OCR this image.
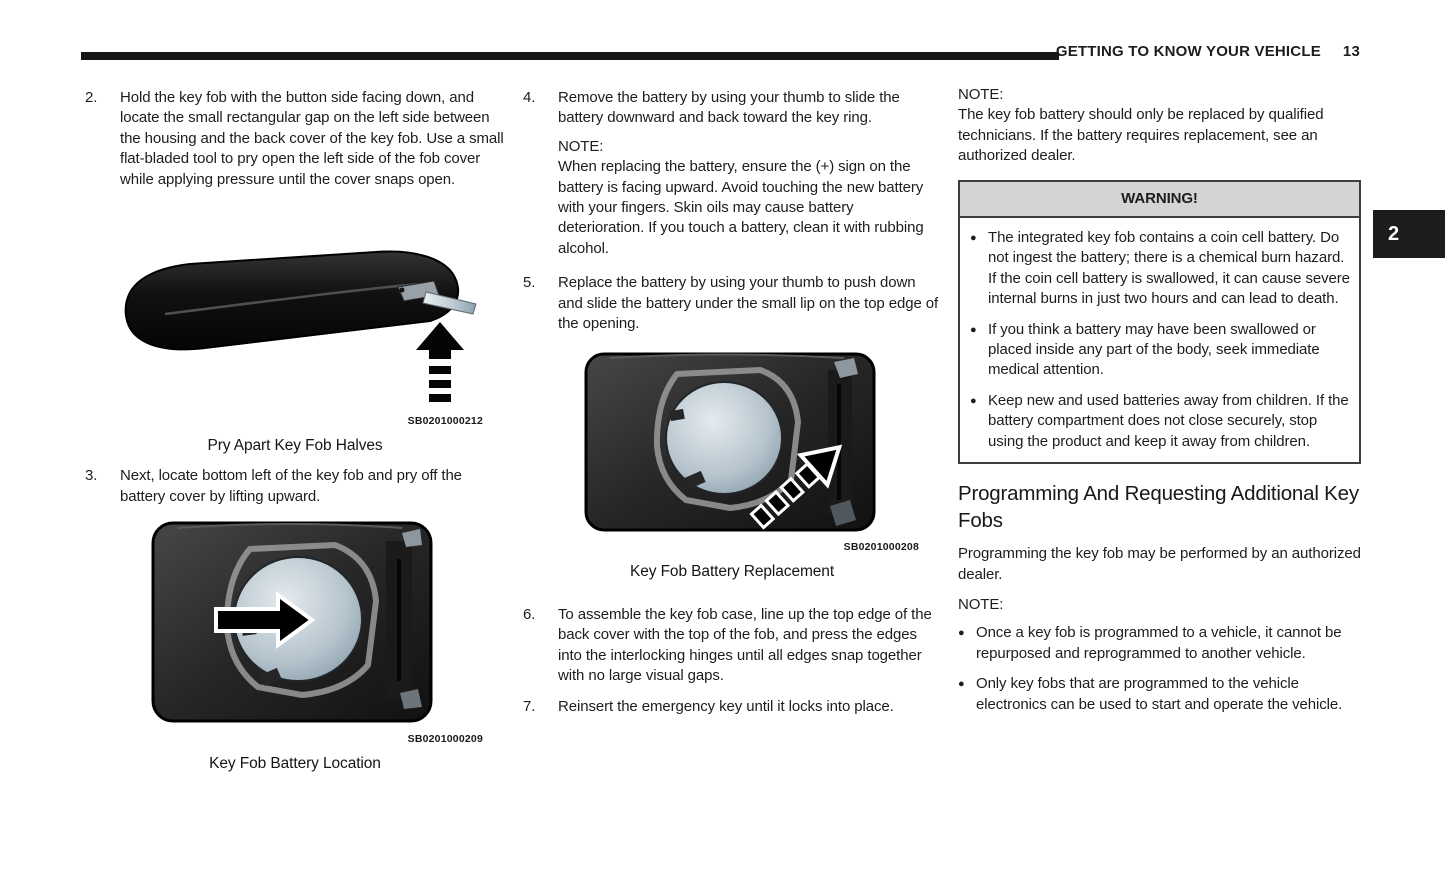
GETTING TO KNOW YOUR VEHICLE 13
2
2.	Hold the key fob with the button side facing down, and locate the small rectangular gap on the left side between the housing and the back cover of the key fob. Use a small flat-bladed tool to pry open the left side of the fob cover while applying pressure until the cover snaps open.
SB0201000212
Pry Apart Key Fob Halves
3.	Next, locate bottom left of the key fob and pry off the battery cover by lifting upward.
SB0201000209
Key Fob Battery Location
4.	Remove the battery by using your thumb to slide the battery downward and back toward the key ring.
NOTE:
When replacing the battery, ensure the (+) sign on the battery is facing upward. Avoid touching the new battery with your fingers. Skin oils may cause battery deterioration. If you touch a battery, clean it with rubbing alcohol.
5.	Replace the battery by using your thumb to push down and slide the battery under the small lip on the top edge of the opening.
SB0201000208
Key Fob Battery Replacement
6.	To assemble the key fob case, line up the top edge of the back cover with the top of the fob, and press the edges into the interlocking hinges until all edges snap together with no large visual gaps.
7.	Reinsert the emergency key until it locks into place.
NOTE:
The key fob battery should only be replaced by qualified technicians. If the battery requires replacement, see an authorized dealer.
WARNING!
● The integrated key fob contains a coin cell battery. Do not ingest the battery; there is a chemical burn hazard. If the coin cell battery is swallowed, it can cause severe internal burns in just two hours and can lead to death.
● If you think a battery may have been swallowed or placed inside any part of the body, seek immediate medical attention.
● Keep new and used batteries away from children. If the battery compartment does not close securely, stop using the product and keep it away from children.
Programming And Requesting Additional Key Fobs
Programming the key fob may be performed by an authorized dealer.
NOTE:
● Once a key fob is programmed to a vehicle, it cannot be repurposed and reprogrammed to another vehicle.
● Only key fobs that are programmed to the vehicle electronics can be used to start and operate the vehicle.
